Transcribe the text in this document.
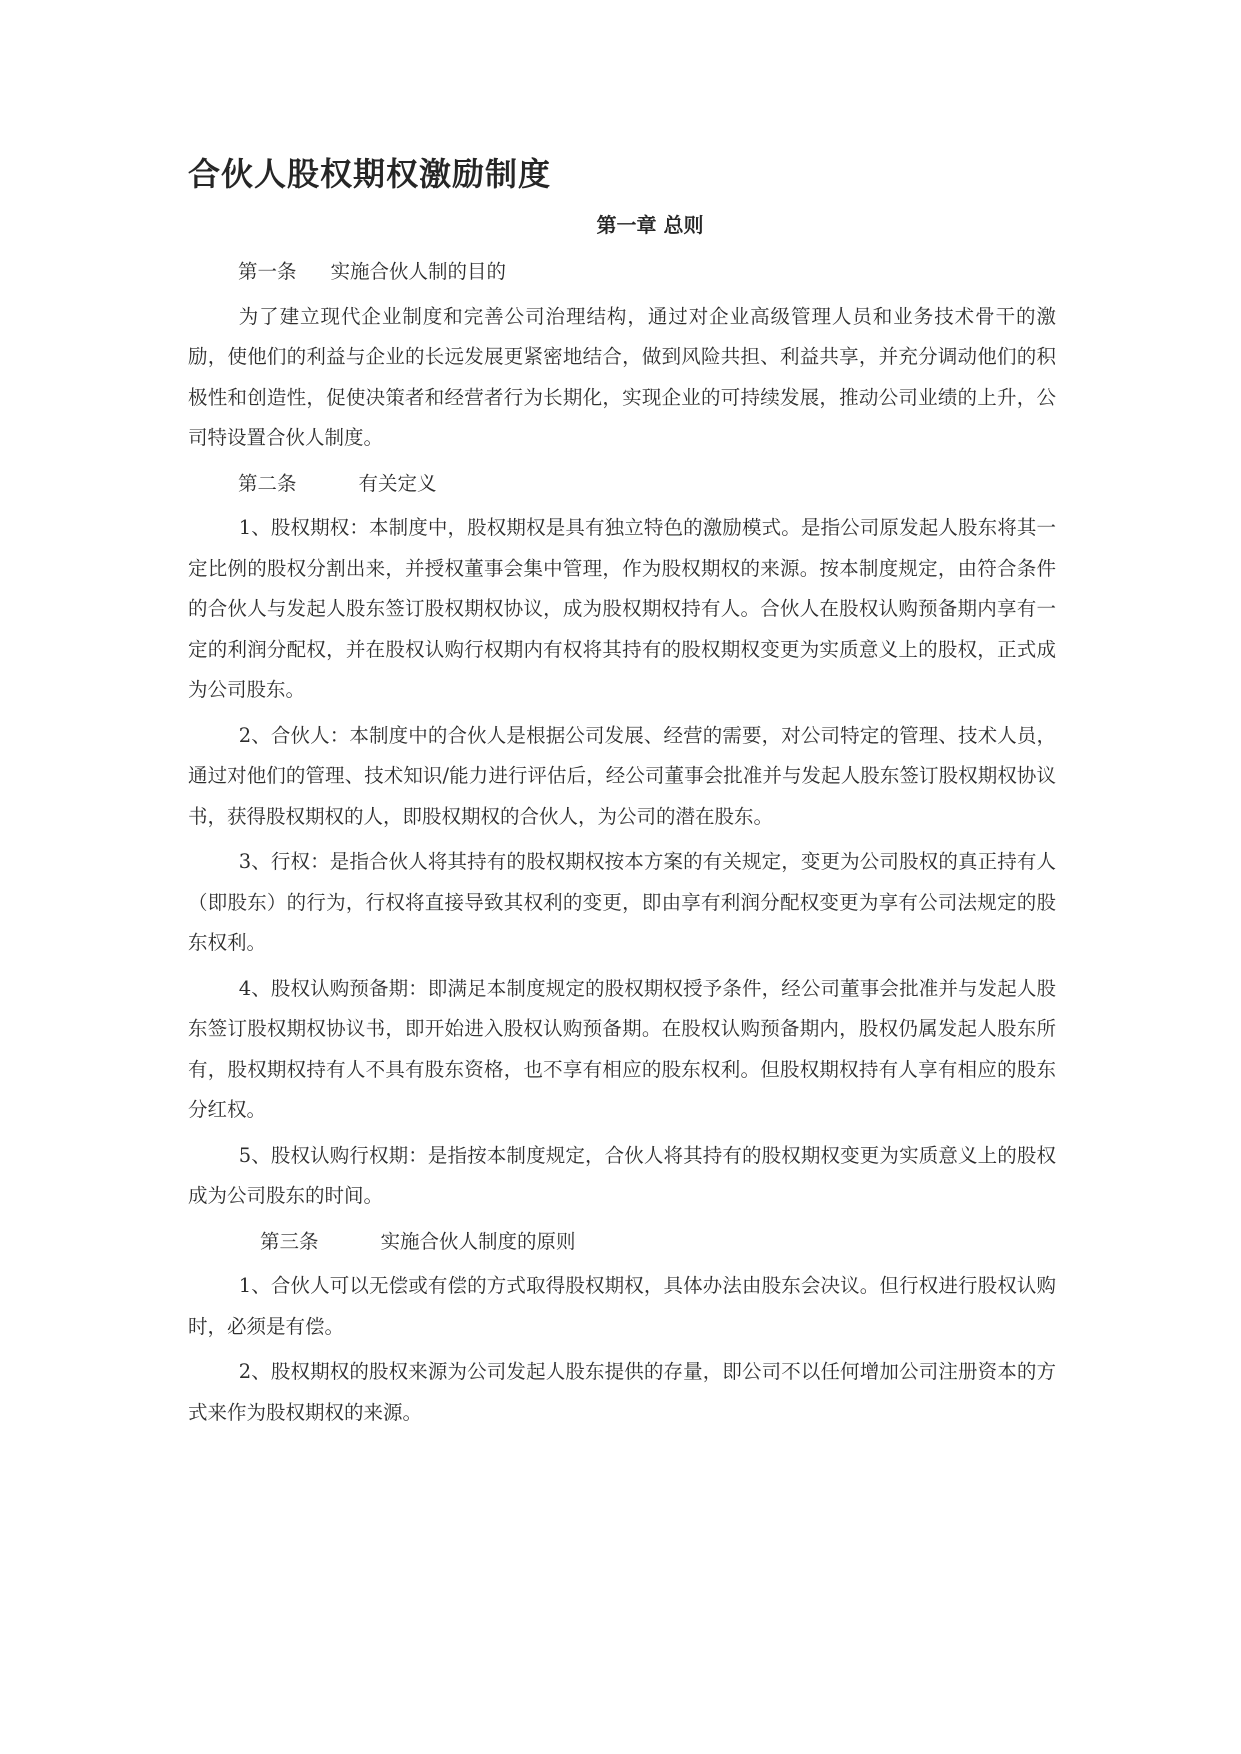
合伙人股权期权激励制度
第一章 总则

第一条 实施合伙人制的目的

为了建立现代企业制度和完善公司治理结构，通过对企业高级管理人员和业务技术骨干的激励，使他们的利益与企业的长远发展更紧密地结合，做到风险共担、利益共享，并充分调动他们的积极性和创造性，促使决策者和经营者行为长期化，实现企业的可持续发展，推动公司业绩的上升，公司特设置合伙人制度。

第二条	有关定义

1、股权期权：本制度中，股权期权是具有独立特色的激励模式。是指公司原发起人股东将其一定比例的股权分割出来，并授权董事会集中管理，作为股权期权的来源。按本制度规定，由符合条件的合伙人与发起人股东签订股权期权协议，成为股权期权持有人。合伙人在股权认购预备期内享有一定的利润分配权，并在股权认购行权期内有权将其持有的股权期权变更为实质意义上的股权，正式成为公司股东。

2、合伙人：本制度中的合伙人是根据公司发展、经营的需要，对公司特定的管理、技术人员，通过对他们的管理、技术知识/能力进行评估后，经公司董事会批准并与发起人股东签订股权期权协议书，获得股权期权的人，即股权期权的合伙人，为公司的潜在股东。

3、行权：是指合伙人将其持有的股权期权按本方案的有关规定，变更为公司股权的真正持有人（即股东）的行为，行权将直接导致其权利的变更，即由享有利润分配权变更为享有公司法规定的股东权利。

4、股权认购预备期：即满足本制度规定的股权期权授予条件，经公司董事会批准并与发起人股东签订股权期权协议书，即开始进入股权认购预备期。在股权认购预备期内，股权仍属发起人股东所有，股权期权持有人不具有股东资格，也不享有相应的股东权利。但股权期权持有人享有相应的股东分红权。

5、股权认购行权期：是指按本制度规定，合伙人将其持有的股权期权变更为实质意义上的股权成为公司股东的时间。

第三条	实施合伙人制度的原则

1、合伙人可以无偿或有偿的方式取得股权期权，具体办法由股东会决议。但行权进行股权认购时，必须是有偿。

2、股权期权的股权来源为公司发起人股东提供的存量，即公司不以任何增加公司注册资本的方式来作为股权期权的来源。
